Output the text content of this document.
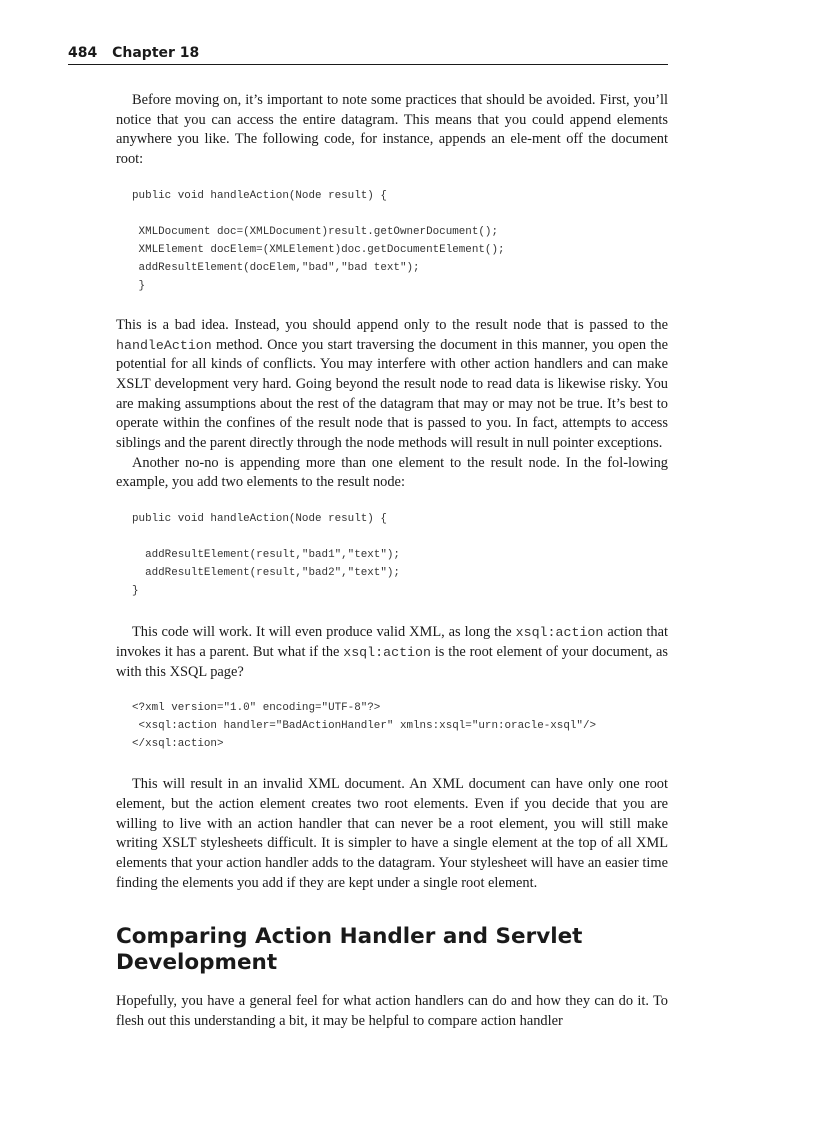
484 Chapter 18

Before moving on, it’s important to note some practices that should be avoided. First, you’ll notice that you can access the entire datagram. This means that you could append elements anywhere you like. The following code, for instance, appends an ele-ment off the document root:

public void handleAction(Node result) {

XMLDocument doc=(XMLDocument)result.getOwnerDocument();
XMLElement docElem=(XMLElement)doc.getDocumentElement();
addResultElement(docElem,"bad","bad text");
}

This is a bad idea. Instead, you should append only to the result node that is passed to the handleAction method. Once you start traversing the document in this manner, you open the potential for all kinds of conflicts. You may interfere with other action handlers and can make XSLT development very hard. Going beyond the result node to read data is likewise risky. You are making assumptions about the rest of the datagram that may or may not be true. It’s best to operate within the confines of the result node that is passed to you. In fact, attempts to access siblings and the parent directly through the node methods will result in null pointer exceptions.

Another no-no is appending more than one element to the result node. In the fol-lowing example, you add two elements to the result node:

public void handleAction(Node result) {

addResultElement(result,"bad1","text");
addResultElement(result,"bad2","text");
}

This code will work. It will even produce valid XML, as long the xsql:action action that invokes it has a parent. But what if the xsql:action is the root element of your document, as with this XSQL page?

<?xml version="1.0" encoding="UTF-8"?>
<xsql:action handler="BadActionHandler" xmlns:xsql="urn:oracle-xsql"/>
</xsql:action>

This will result in an invalid XML document. An XML document can have only one root element, but the action element creates two root elements. Even if you decide that you are willing to live with an action handler that can never be a root element, you will still make writing XSLT stylesheets difficult. It is simpler to have a single element at the top of all XML elements that your action handler adds to the datagram. Your stylesheet will have an easier time finding the elements you add if they are kept under a single root element.

Comparing Action Handler and Servlet Development

Hopefully, you have a general feel for what action handlers can do and how they can do it. To flesh out this understanding a bit, it may be helpful to compare action handler
